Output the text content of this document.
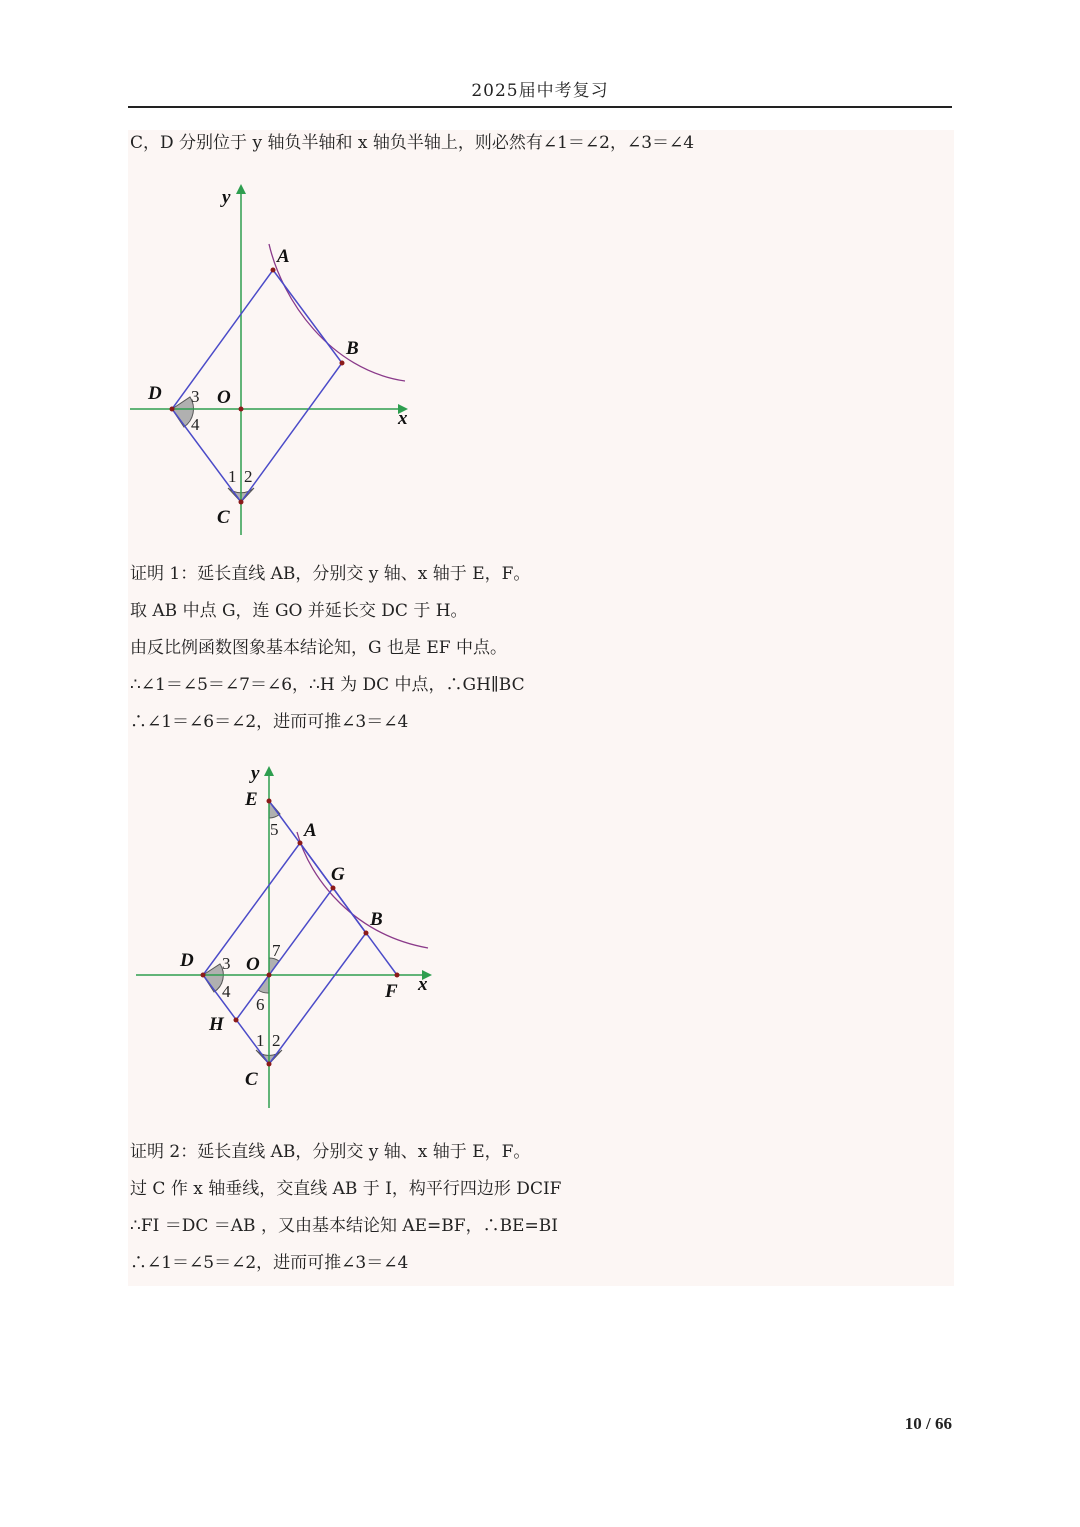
2025届中考复习
C，D 分别位于 y 轴负半轴和 x 轴负半轴上，则必然有∠1＝∠2，∠3＝∠4
y
A
B
D	O
x
C
3
4
1 2
证明 1：延长直线 AB，分别交 y 轴、x 轴于 E，F。
取 AB 中点 G，连 GO 并延长交 DC 于 H。
由反比例函数图象基本结论知，G 也是 EF 中点。
∴∠1＝∠5＝∠7＝∠6，∴H 为 DC 中点，∴GH∥BC
∴∠1＝∠6＝∠2，进而可推∠3＝∠4
y
E
A
G
B
D	O
F x
H
C
5
3
7
4
6
1 2
证明 2：延长直线 AB，分别交 y 轴、x 轴于 E，F。
过 C 作 x 轴垂线，交直线 AB 于 I，构平行四边形 DCIF
∴FI ＝DC ＝AB ，又由基本结论知 AE=BF，∴BE=BI
∴∠1＝∠5＝∠2，进而可推∠3＝∠4
10 / 66
